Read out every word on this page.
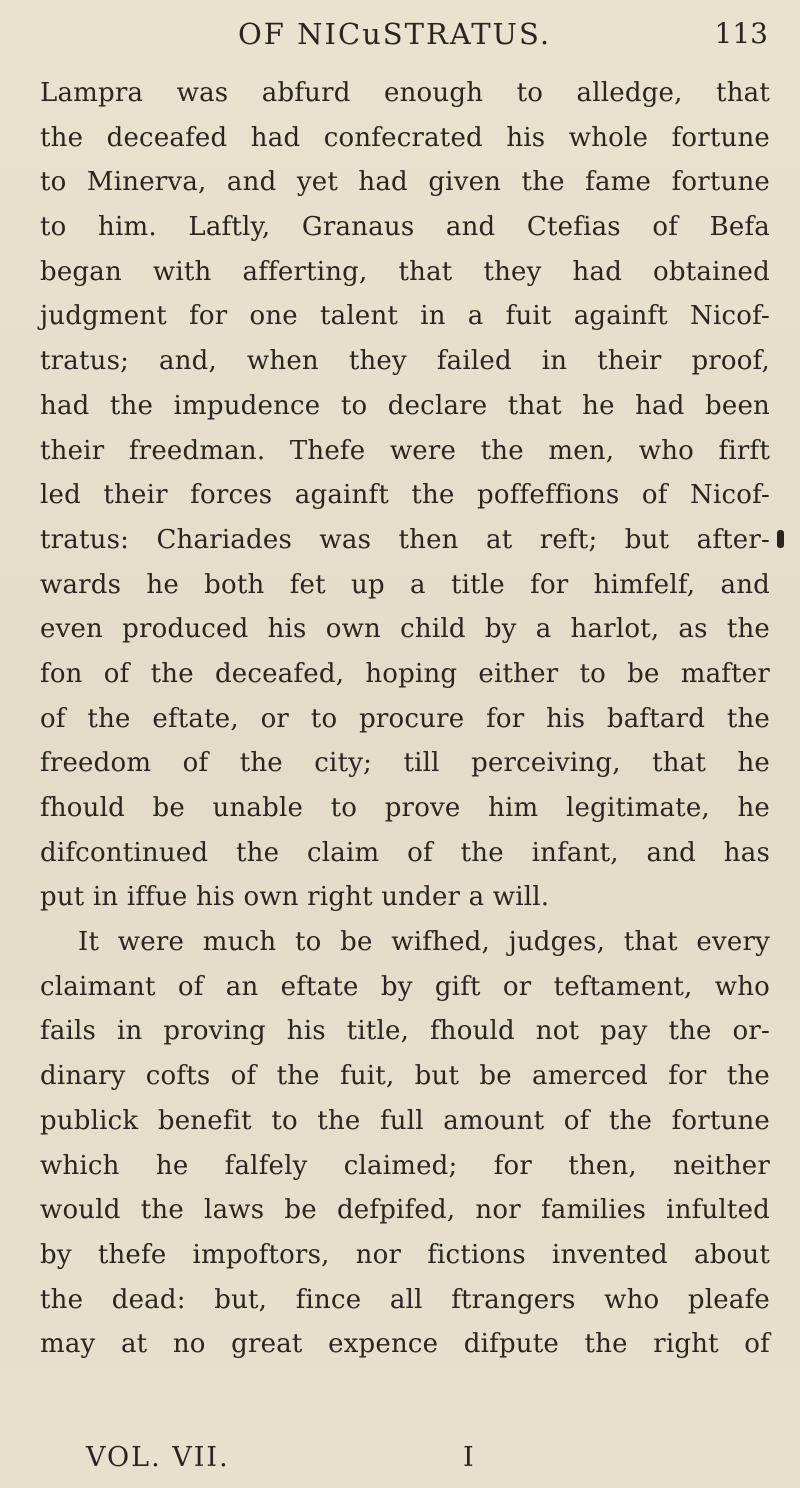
OF NICuSTRATUS.	113
Lampra was abfurd enough to alledge, that
the deceafed had confecrated his whole fortune
to Minerva, and yet had given the fame fortune
to him. Laftly, Granaus and Ctefias of Befa
began with afferting, that they had obtained
judgment for one talent in a fuit againft Nicof-
tratus; and, when they failed in their proof,
had the impudence to declare that he had been
their freedman. Thefe were the men, who firft
led their forces againft the poffeffions of Nicof-
tratus: Chariades was then at reft; but after-
wards he both fet up a title for himfelf, and
even produced his own child by a harlot, as the
fon of the deceafed, hoping either to be mafter
of the eftate, or to procure for his baftard the
freedom of the city; till perceiving, that he
fhould be unable to prove him legitimate, he
difcontinued the claim of the infant, and has
put in iffue his own right under a will.
It were much to be wifhed, judges, that every
claimant of an eftate by gift or teftament, who
fails in proving his title, fhould not pay the or-
dinary cofts of the fuit, but be amerced for the
publick benefit to the full amount of the fortune
which he falfely claimed; for then, neither
would the laws be defpifed, nor families infulted
by thefe impoftors, nor fictions invented about
the dead: but, fince all ftrangers who pleafe
may at no great expence difpute the right of
VOL. VII.	I
